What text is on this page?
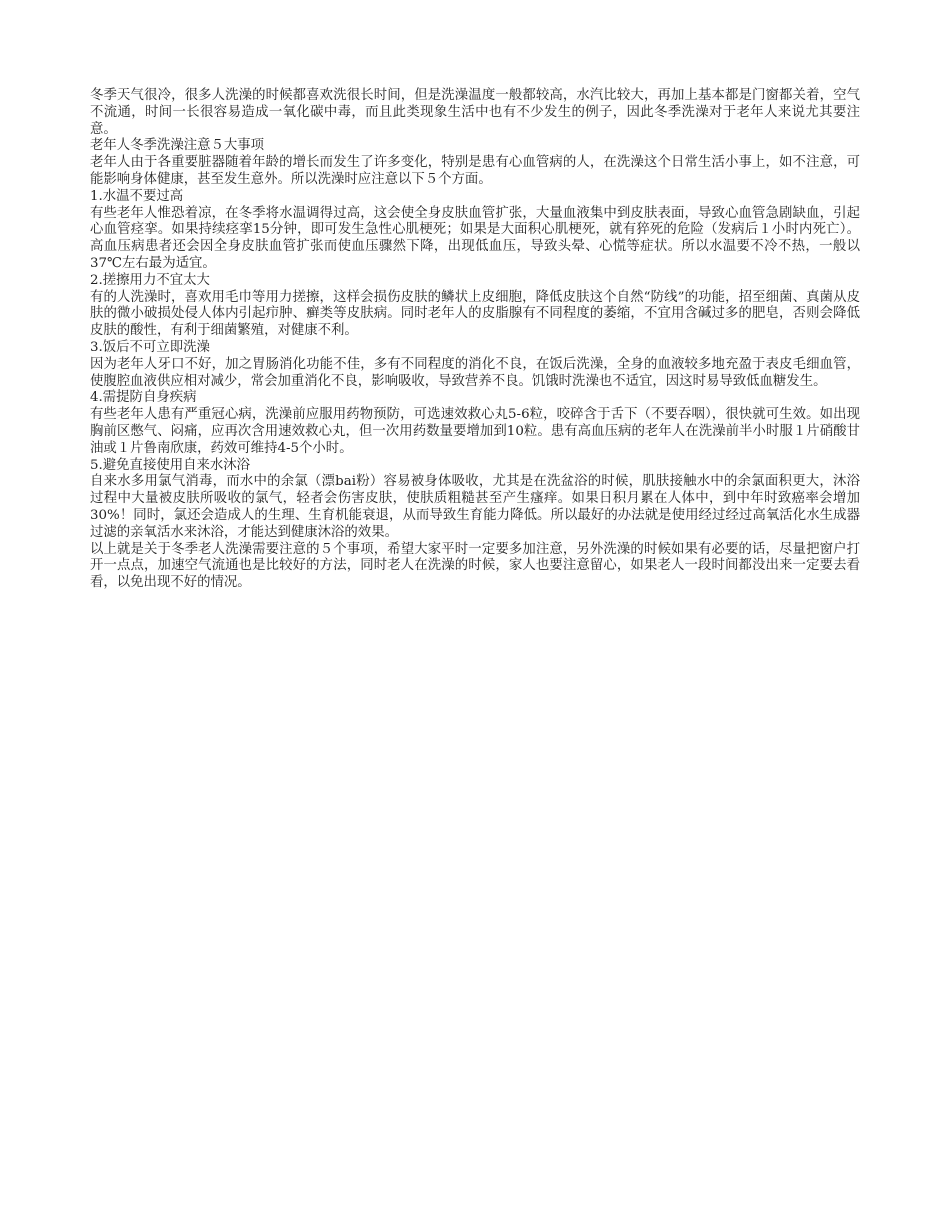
冬季天气很冷，很多人洗澡的时候都喜欢洗很长时间，但是洗澡温度一般都较高，水汽比较大，再加上基本都是门窗都关着，空气不流通，时间一长很容易造成一氧化碳中毒，而且此类现象生活中也有不少发生的例子，因此冬季洗澡对于老年人来说尤其要注意。

老年人冬季洗澡注意５大事项

老年人由于各重要脏器随着年龄的增长而发生了许多变化，特别是患有心血管病的人，在洗澡这个日常生活小事上，如不注意，可能影响身体健康，甚至发生意外。所以洗澡时应注意以下５个方面。

1.水温不要过高

有些老年人惟恐着凉，在冬季将水温调得过高，这会使全身皮肤血管扩张，大量血液集中到皮肤表面，导致心血管急剧缺血，引起心血管痉挛。如果持续痉挛15分钟，即可发生急性心肌梗死；如果是大面积心肌梗死，就有猝死的危险（发病后１小时内死亡）。高血压病患者还会因全身皮肤血管扩张而使血压骤然下降，出现低血压，导致头晕、心慌等症状。所以水温要不冷不热，一般以37℃左右最为适宜。

2.搓擦用力不宜太大

有的人洗澡时，喜欢用毛巾等用力搓擦，这样会损伤皮肤的鳞状上皮细胞，降低皮肤这个自然“防线”的功能，招至细菌、真菌从皮肤的微小破损处侵人体内引起疖肿、癣类等皮肤病。同时老年人的皮脂腺有不同程度的萎缩，不宜用含碱过多的肥皂，否则会降低皮肤的酸性，有利于细菌繁殖，对健康不利。

3.饭后不可立即洗澡

因为老年人牙口不好，加之胃肠消化功能不佳，多有不同程度的消化不良，在饭后洗澡，全身的血液较多地充盈于表皮毛细血管，使腹腔血液供应相对减少，常会加重消化不良，影响吸收，导致营养不良。饥饿时洗澡也不适宜，因这时易导致低血糖发生。

4.需提防自身疾病

有些老年人患有严重冠心病，洗澡前应服用药物预防，可选速效救心丸5-6粒，咬碎含于舌下（不要吞咽），很快就可生效。如出现胸前区憋气、闷痛，应再次含用速效救心丸，但一次用药数量要增加到10粒。患有高血压病的老年人在洗澡前半小时服１片硝酸甘油或１片鲁南欣康，药效可维持4-5个小时。

5.避免直接使用自来水沐浴

自来水多用氯气消毒，而水中的余氯（漂bai粉）容易被身体吸收，尤其是在洗盆浴的时候，肌肤接触水中的余氯面积更大，沐浴过程中大量被皮肤所吸收的氯气，轻者会伤害皮肤，使肤质粗糙甚至产生瘙痒。如果日积月累在人体中，到中年时致癌率会增加30%！同时，氯还会造成人的生理、生育机能衰退，从而导致生育能力降低。所以最好的办法就是使用经过经过高氧活化水生成器过滤的亲氧活水来沐浴，才能达到健康沐浴的效果。

以上就是关于冬季老人洗澡需要注意的５个事项，希望大家平时一定要多加注意，另外洗澡的时候如果有必要的话，尽量把窗户打开一点点，加速空气流通也是比较好的方法，同时老人在洗澡的时候，家人也要注意留心，如果老人一段时间都没出来一定要去看看，以免出现不好的情况。
